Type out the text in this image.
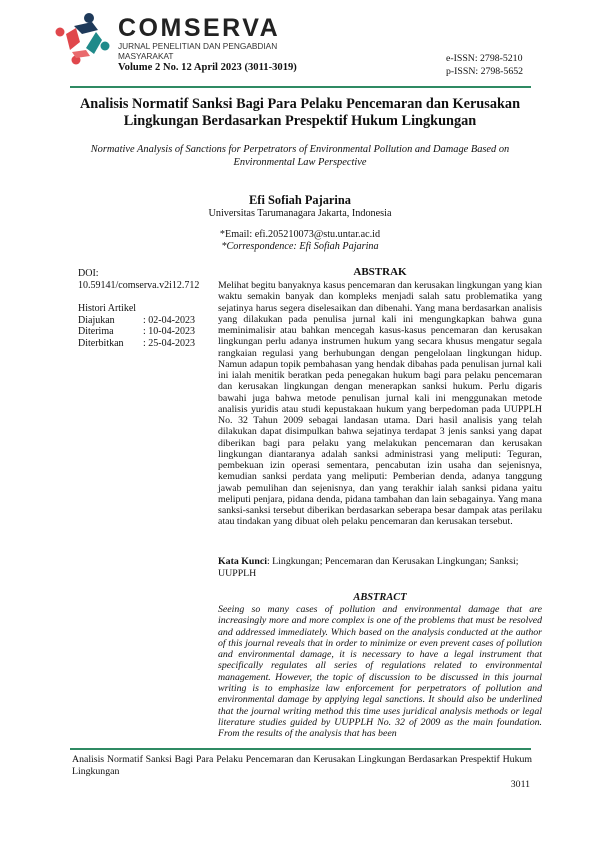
COMSERVA
JURNAL PENELITIAN DAN PENGABDIAN MASYARAKAT
Volume 2 No. 12 April 2023 (3011-3019)
e-ISSN: 2798-5210
p-ISSN: 2798-5652
Analisis Normatif Sanksi Bagi Para Pelaku Pencemaran dan Kerusakan Lingkungan Berdasarkan Prespektif Hukum Lingkungan
Normative Analysis of Sanctions for Perpetrators of Environmental Pollution and Damage Based on Environmental Law Perspective
Efi Sofiah Pajarina
Universitas Tarumanagara Jakarta, Indonesia
*Email: efi.205210073@stu.untar.ac.id
*Correspondence: Efi Sofiah Pajarina
DOI:
10.59141/comserva.v2i12.712
Histori Artikel
Diajukan	: 02-04-2023
Diterima	: 10-04-2023
Diterbitkan	: 25-04-2023
ABSTRAK
Melihat begitu banyaknya kasus pencemaran dan kerusakan lingkungan yang kian waktu semakin banyak dan kompleks menjadi salah satu problematika yang sejatinya harus segera diselesaikan dan dibenahi. Yang mana berdasarkan analisis yang dilakukan pada penulisa jurnal kali ini mengungkapkan bahwa guna meminimalisir atau bahkan mencegah kasus-kasus pencemaran dan kerusakan lingkungan perlu adanya instrumen hukum yang secara khusus mengatur segala rangkaian regulasi yang berhubungan dengan pengelolaan lingkungan hidup. Namun adapun topik pembahasan yang hendak dibahas pada penulisan jurnal kali ini ialah menitik beratkan peda penegakan hukum bagi para pelaku pencemaran dan kerusakan lingkungan dengan menerapkan sanksi hukum. Perlu digaris bawahi juga bahwa metode penulisan jurnal kali ini menggunakan metode analisis yuridis atau studi kepustakaan hukum yang berpedoman pada UUPPLH No. 32 Tahun 2009 sebagai landasan utama. Dari hasil analisis yang telah dilakukan dapat disimpulkan bahwa sejatinya terdapat 3 jenis sanksi yang dapat diberikan bagi para pelaku yang melakukan pencemaran dan kerusakan lingkungan diantaranya adalah sanksi administrasi yang meliputi: Teguran, pembekuan izin operasi sementara, pencabutan izin usaha dan sejenisnya, kemudian sanksi perdata yang meliputi: Pemberian denda, adanya tanggung jawab pemulihan dan sejenisnya, dan yang terakhir ialah sanksi pidana yaitu meliputi penjara, pidana denda, pidana tambahan dan lain sebagainya. Yang mana sanksi-sanksi tersebut diberikan berdasarkan seberapa besar dampak atas perilaku atau tindakan yang dibuat oleh pelaku pencemaran dan kerusakan tersebut.
Kata Kunci: Lingkungan; Pencemaran dan Kerusakan Lingkungan; Sanksi; UUPPLH
ABSTRACT
Seeing so many cases of pollution and environmental damage that are increasingly more and more complex is one of the problems that must be resolved and addressed immediately. Which based on the analysis conducted at the author of this journal reveals that in order to minimize or even prevent cases of pollution and environmental damage, it is necessary to have a legal instrument that specifically regulates all series of regulations related to environmental management. However, the topic of discussion to be discussed in this journal writing is to emphasize law enforcement for perpetrators of pollution and environmental damage by applying legal sanctions. It should also be underlined that the journal writing method this time uses juridical analysis methods or legal literature studies guided by UUPPLH No. 32 of 2009 as the main foundation. From the results of the analysis that has been
Analisis Normatif Sanksi Bagi Para Pelaku Pencemaran dan Kerusakan Lingkungan Berdasarkan Prespektif Hukum Lingkungan
3011
